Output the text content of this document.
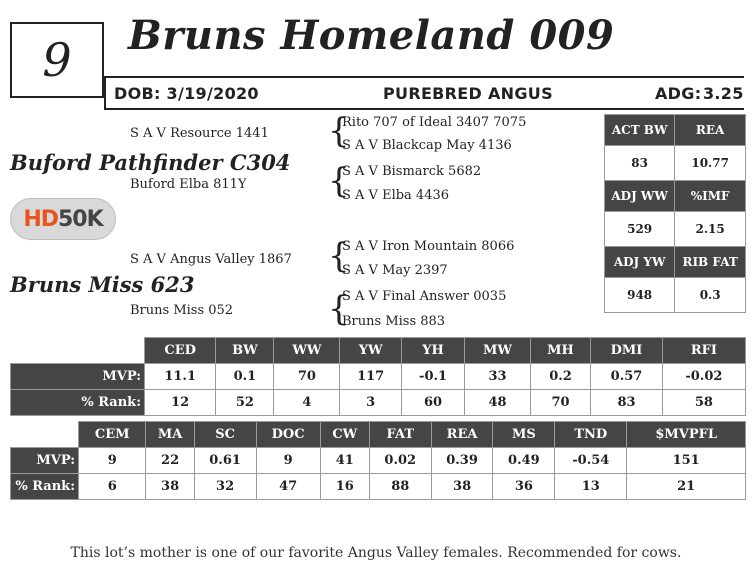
9	Bruns Homeland 009
DOB: 3/19/2020	PUREBRED ANGUS	ADG: 3.25
S A V Resource 1441
Buford Pathfinder C304
Buford Elba 811Y
{
Rito 707 of Ideal 3407 7075
S A V Blackcap May 4136
{
S A V Bismarck 5682
S A V Elba 4436
HD 50K
S A V Angus Valley 1867
Bruns Miss 623
Bruns Miss 052
{
S A V Iron Mountain 8066
S A V May 2397
{
S A V Final Answer 0035
Bruns Miss 883
ACT BW	REA
83	10.77
ADJ WW	%IMF
529	2.15
ADJ YW	RIB FAT
948	0.3
	CED	BW	WW	YW	YH	MW	MH	DMI	RFI
MVP:	11.1	0.1	70	117	-0.1	33	0.2	0.57	-0.02
% Rank:	12	52	4	3	60	48	70	83	58
	CEM	MA	SC	DOC	CW	FAT	REA	MS	TND	$MVPFL
MVP:	9	22	0.61	9	41	0.02	0.39	0.49	-0.54	151
% Rank:	6	38	32	47	16	88	38	36	13	21
This lot’s mother is one of our favorite Angus Valley females. Recommended for cows.
